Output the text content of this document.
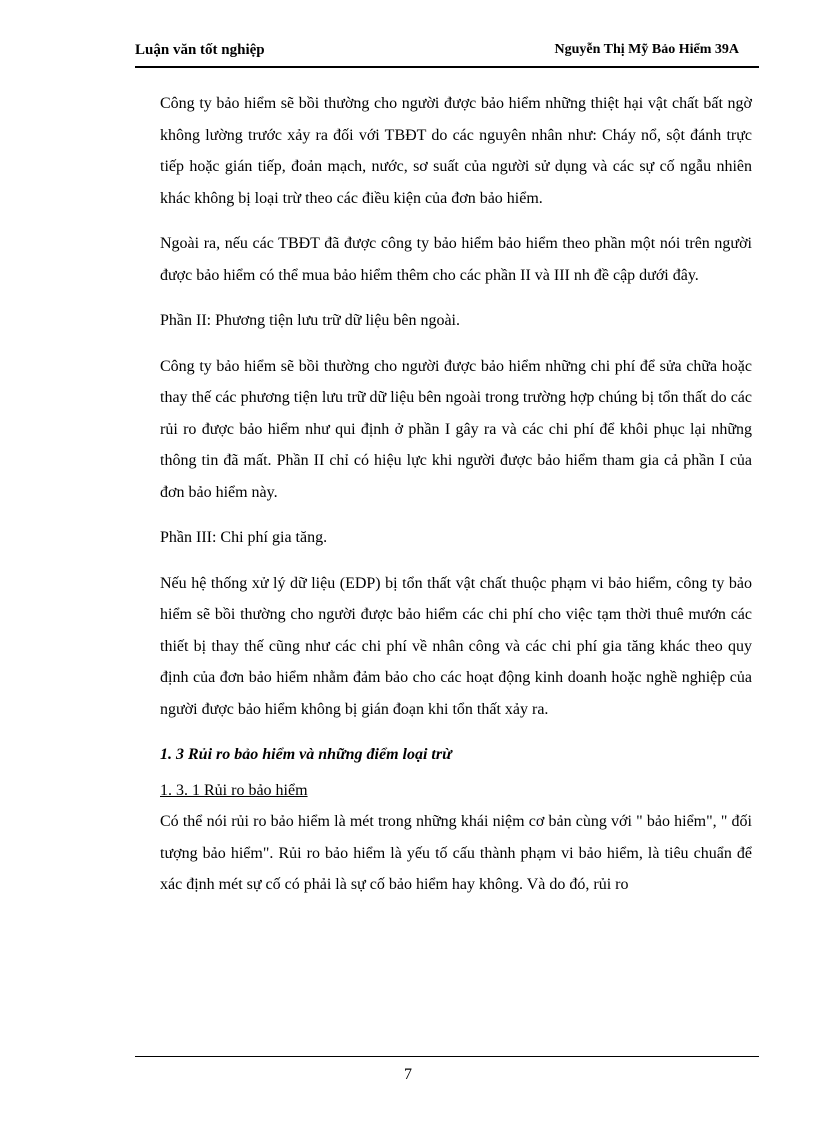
Luận văn tốt nghiệp	Nguyễn Thị Mỹ Bảo Hiểm 39A

Công ty bảo hiểm sẽ bồi thường cho người được bảo hiểm những thiệt hại vật chất bất ngờ không lường trước xảy ra đối với TBĐT do các nguyên nhân như: Cháy nổ, sột đánh trực tiếp hoặc gián tiếp, đoản mạch, nước, sơ suất của người sử dụng và các sự cố ngẫu nhiên khác không bị loại trừ theo các điều kiện của đơn bảo hiểm.

Ngoài ra, nếu các TBĐT đã được công ty bảo hiểm bảo hiểm theo phần một nói trên người được bảo hiểm có thể mua bảo hiểm thêm cho các phần II và III nh đề cập dưới đây.

Phần II: Phương tiện lưu trữ dữ liệu bên ngoài.

Công ty bảo hiểm sẽ bồi thường cho người được bảo hiểm những chi phí để sửa chữa hoặc thay thế các phương tiện lưu trữ dữ liệu bên ngoài trong trường hợp chúng bị tổn thất do các rủi ro được bảo hiểm như qui định ở phần I gây ra và các chi phí để khôi phục lại những thông tin đã mất. Phần II chỉ có hiệu lực khi người được bảo hiểm tham gia cả phần I của đơn bảo hiểm này.

Phần III: Chi phí gia tăng.

Nếu hệ thống xử lý dữ liệu (EDP) bị tổn thất vật chất thuộc phạm vi bảo hiểm, công ty bảo hiểm sẽ bồi thường cho người được bảo hiểm các chi phí cho việc tạm thời thuê mướn các thiết bị thay thế cũng như các chi phí về nhân công và các chi phí gia tăng khác theo quy định của đơn bảo hiểm nhằm đảm bảo cho các hoạt động kinh doanh hoặc nghề nghiệp của người được bảo hiểm không bị gián đoạn khi tổn thất xảy ra.

1. 3 Rủi ro bảo hiểm và những điểm loại trừ

1. 3. 1 Rủi ro bảo hiểm

Có thể nói rủi ro bảo hiểm là mét trong những khái niệm cơ bản cùng với " bảo hiểm", " đối tượng bảo hiểm". Rủi ro bảo hiểm là yếu tố cấu thành phạm vi bảo hiểm, là tiêu chuẩn để xác định mét sự cố có phải là sự cố bảo hiểm hay không. Và do đó, rủi ro

7
